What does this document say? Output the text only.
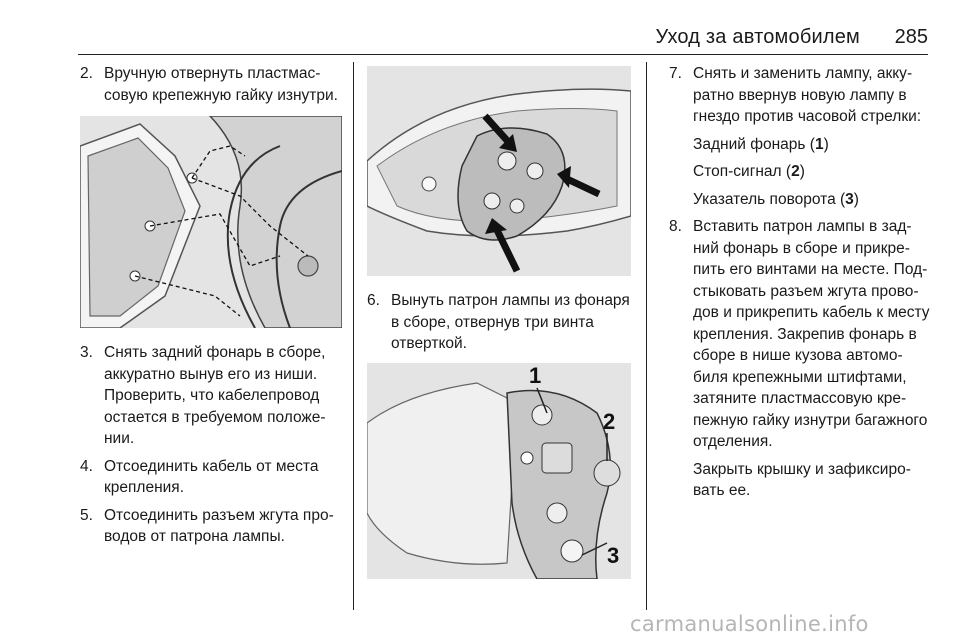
Уход за автомобилем	285
2. Вручную отвернуть пластмассовую крепежную гайку изнутри.
3. Снять задний фонарь в сборе, аккуратно вынув его из ниши. Проверить, что кабелепровод остается в требуемом положении.
4. Отсоединить кабель от места крепления.
5. Отсоединить разъем жгута проводов от патрона лампы.
6. Вынуть патрон лампы из фонаря в сборе, отвернув три винта отверткой.
1
2
3
7. Снять и заменить лампу, аккуратно ввернув новую лампу в гнездо против часовой стрелки:
Задний фонарь (1)
Стоп-сигнал (2)
Указатель поворота (3)
8. Вставить патрон лампы в задний фонарь в сборе и прикрепить его винтами на месте. Подстыковать разъем жгута проводов и прикрепить кабель к месту крепления. Закрепив фонарь в сборе в нише кузова автомобиля крепежными штифтами, затяните пластмассовую крепежную гайку изнутри багажного отделения.
Закрыть крышку и зафиксировать ее.
carmanualsonline.info
